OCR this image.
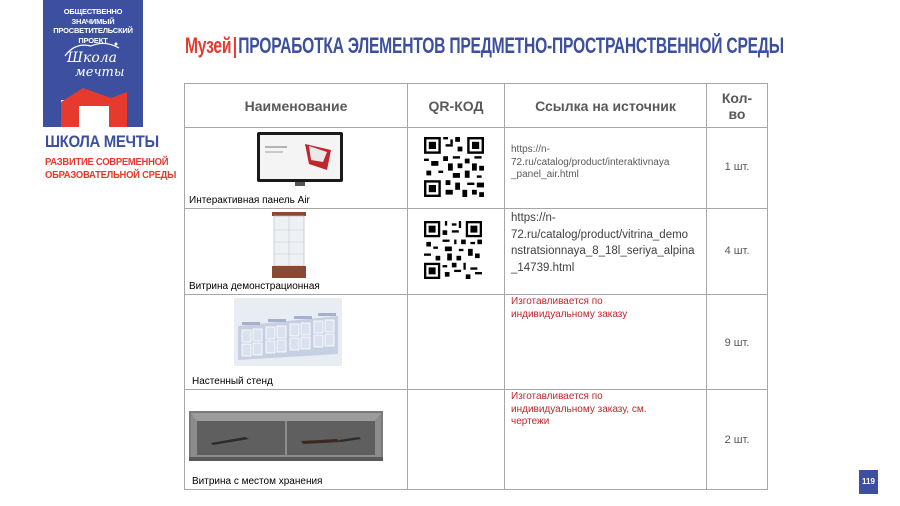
ОБЩЕСТВЕННО ЗНАЧИМЫЙ
ПРОСВЕТИТЕЛЬСКИЙ ПРОЕКТ
Школа
мечты
ШКОЛА МЕЧТЫ
РАЗВИТИЕ СОВРЕМЕННОЙ
ОБРАЗОВАТЕЛЬНОЙ СРЕДЫ
Музей|ПРОРАБОТКА ЭЛЕМЕНТОВ ПРЕДМЕТНО-ПРОСТРАНСТВЕННОЙ СРЕДЫ
Наименование	QR-КОД	Ссылка на источник	Кол-
во

Интерактивная панель Air		https://n-
72.ru/catalog/product/interaktivnaya
_panel_air.html	1 шт.

Витрина демонстрационная		https://n-
72.ru/catalog/product/vitrina_demo
nstratsionnaya_8_18l_seriya_alpina
_14739.html	4 шт.

Настенный стенд		Изготавливается по
индивидуальному заказу	9 шт.

Витрина с местом хранения		Изготавливается по
индивидуальному заказу, см.
чертежи	2 шт.
119
